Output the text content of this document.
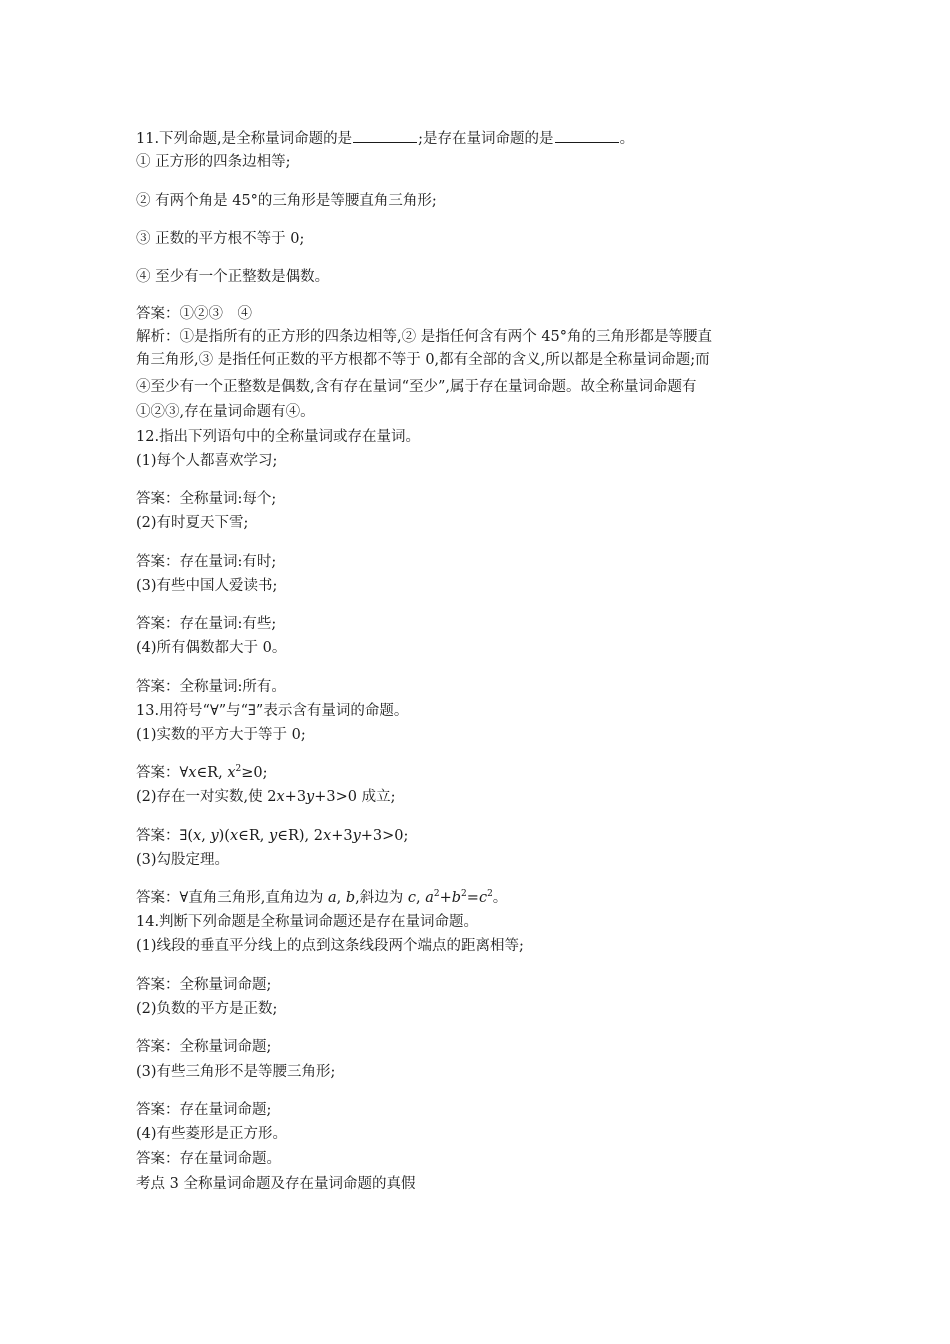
11.下列命题,是全称量词命题的是	;是存在量词命题的是	。
① 正方形的四条边相等;
② 有两个角是 45°的三角形是等腰直角三角形;
③ 正数的平方根不等于 0;
④ 至少有一个正整数是偶数。
答案：①②③　④
解析：①是指所有的正方形的四条边相等,② 是指任何含有两个 45°角的三角形都是等腰直
角三角形,③ 是指任何正数的平方根都不等于 0,都有全部的含义,所以都是全称量词命题;而
④至少有一个正整数是偶数,含有存在量词“至少”,属于存在量词命题。故全称量词命题有
①②③,存在量词命题有④。
12.指出下列语句中的全称量词或存在量词。
(1)每个人都喜欢学习;
答案：全称量词:每个;
(2)有时夏天下雪;
答案：存在量词:有时;
(3)有些中国人爱读书;
答案：存在量词:有些;
(4)所有偶数都大于 0。
答案：全称量词:所有。
13.用符号“∀”与“∃”表示含有量词的命题。
(1)实数的平方大于等于 0;
答案：∀x∈R, $x^2\ge 0$;
(2)存在一对实数,使 2x+3y+3>0 成立;
答案：∃(x, y)(x∈R, y∈R), 2x+3y+3>0;
(3)勾股定理。
答案：∀直角三角形,直角边为 a, b,斜边为 c, $a^2+b^2=c^2$。
14.判断下列命题是全称量词命题还是存在量词命题。
(1)线段的垂直平分线上的点到这条线段两个端点的距离相等;
答案：全称量词命题;
(2)负数的平方是正数;
答案：全称量词命题;
(3)有些三角形不是等腰三角形;
答案：存在量词命题;
(4)有些菱形是正方形。
答案：存在量词命题。
考点 3 全称量词命题及存在量词命题的真假
